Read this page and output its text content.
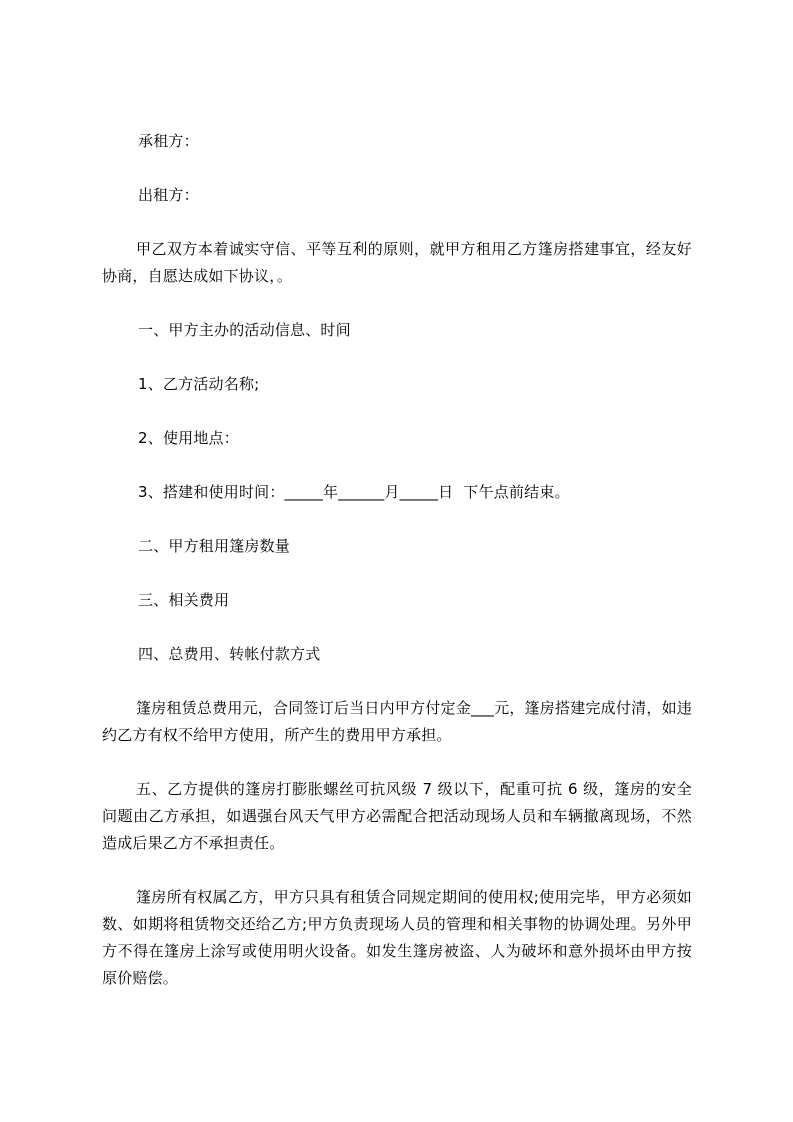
承租方：

出租方：

甲乙双方本着诚实守信、平等互利的原则，就甲方租用乙方篷房搭建事宜，经友好协商，自愿达成如下协议，。

一、甲方主办的活动信息、时间

1、乙方活动名称;

2、使用地点：

3、搭建和使用时间：_____年______月_____日  下午点前结束。

二、甲方租用篷房数量

三、相关费用

四、总费用、转帐付款方式

篷房租赁总费用元，合同签订后当日内甲方付定金___元，篷房搭建完成付清，如违约乙方有权不给甲方使用，所产生的费用甲方承担。

五、乙方提供的篷房打膨胀螺丝可抗风级 7 级以下，配重可抗 6 级，篷房的安全问题由乙方承担，如遇强台风天气甲方必需配合把活动现场人员和车辆撤离现场，不然造成后果乙方不承担责任。

篷房所有权属乙方，甲方只具有租赁合同规定期间的使用权;使用完毕，甲方必须如数、如期将租赁物交还给乙方;甲方负责现场人员的管理和相关事物的协调处理。另外甲方不得在篷房上涂写或使用明火设备。如发生篷房被盗、人为破坏和意外损坏由甲方按原价赔偿。
